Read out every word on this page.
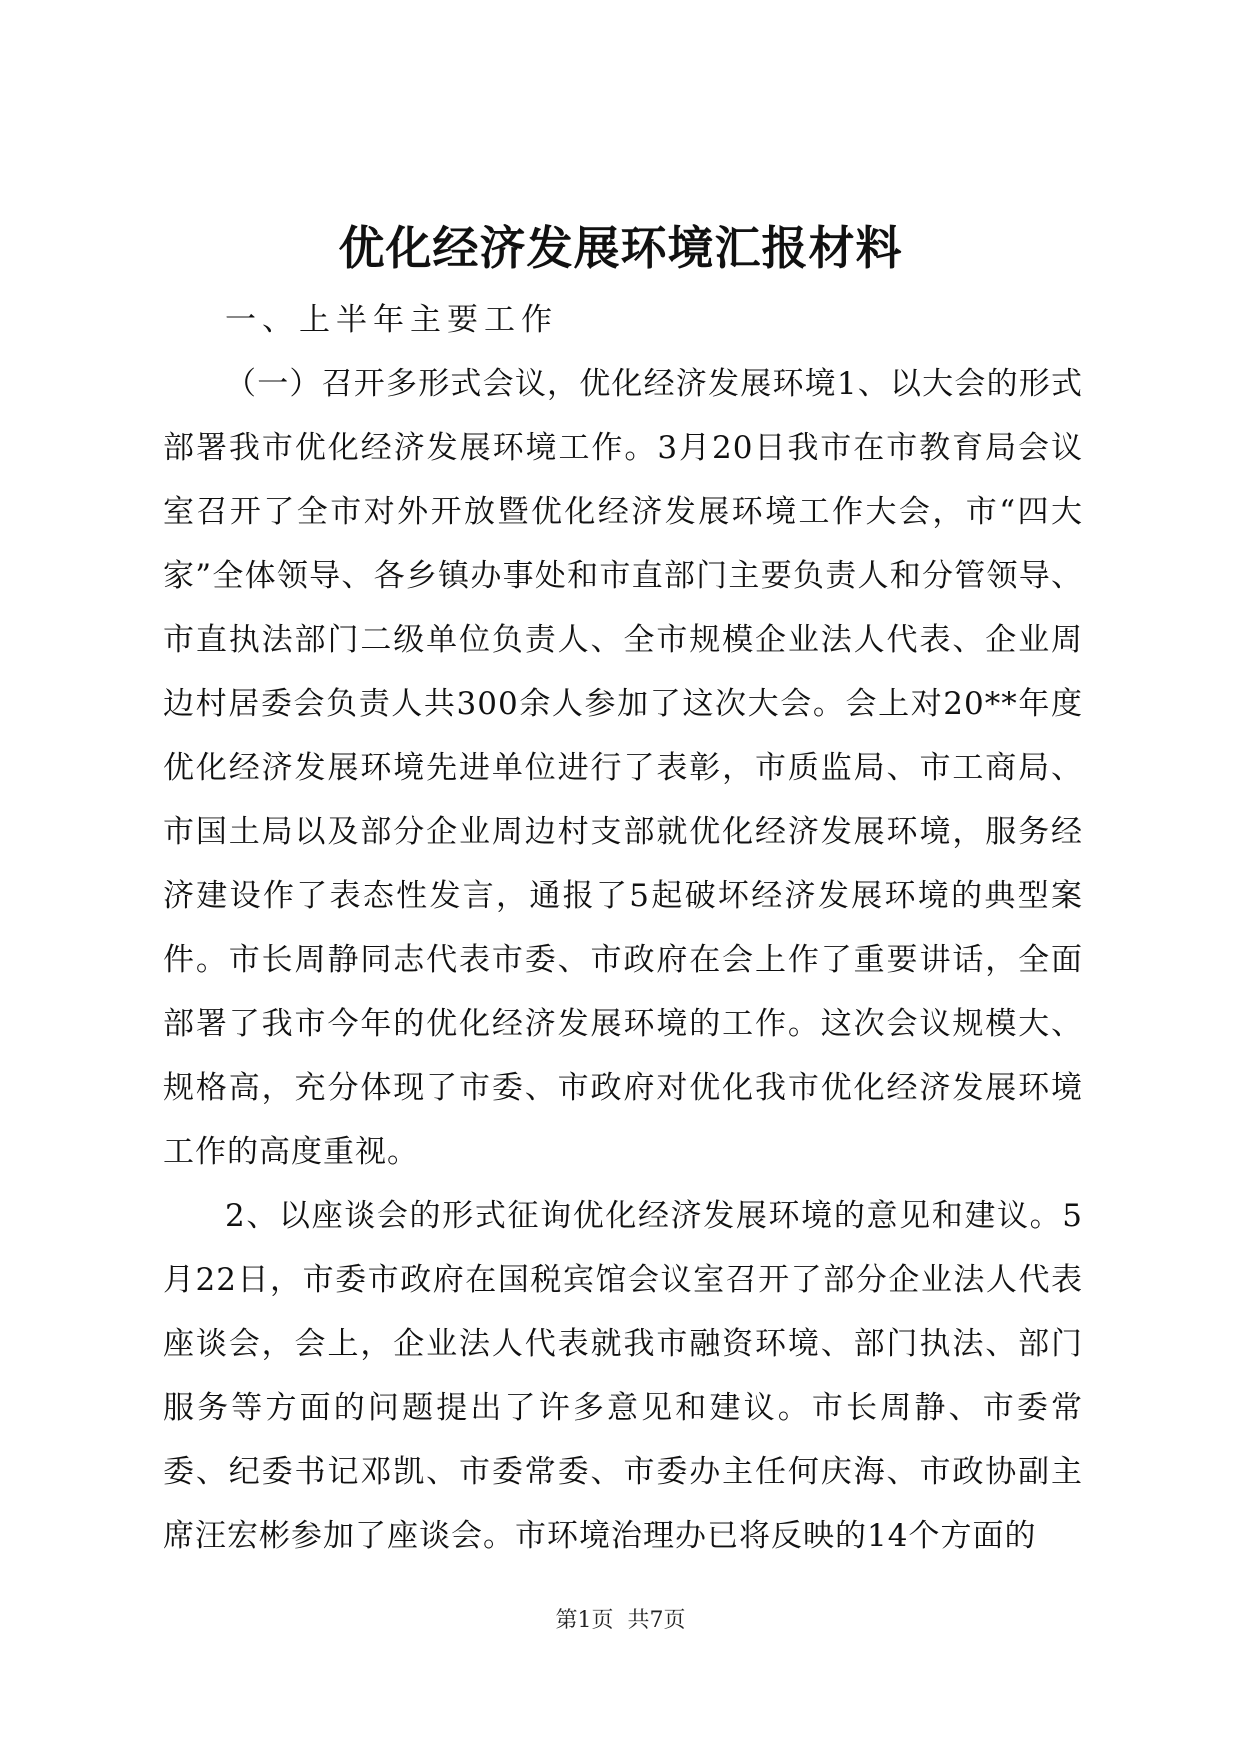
优化经济发展环境汇报材料

一、上半年主要工作

（一）召开多形式会议，优化经济发展环境1、以大会的形式部署我市优化经济发展环境工作。3月20日我市在市教育局会议室召开了全市对外开放暨优化经济发展环境工作大会，市“四大家”全体领导、各乡镇办事处和市直部门主要负责人和分管领导、市直执法部门二级单位负责人、全市规模企业法人代表、企业周边村居委会负责人共300余人参加了这次大会。会上对20**年度优化经济发展环境先进单位进行了表彰，市质监局、市工商局、市国土局以及部分企业周边村支部就优化经济发展环境，服务经济建设作了表态性发言，通报了5起破坏经济发展环境的典型案件。市长周静同志代表市委、市政府在会上作了重要讲话，全面部署了我市今年的优化经济发展环境的工作。这次会议规模大、规格高，充分体现了市委、市政府对优化我市优化经济发展环境工作的高度重视。

2、以座谈会的形式征询优化经济发展环境的意见和建议。5月22日，市委市政府在国税宾馆会议室召开了部分企业法人代表座谈会，会上，企业法人代表就我市融资环境、部门执法、部门服务等方面的问题提出了许多意见和建议。市长周静、市委常委、纪委书记邓凯、市委常委、市委办主任何庆海、市政协副主席汪宏彬参加了座谈会。市环境治理办已将反映的14个方面的

第1页 共7页
